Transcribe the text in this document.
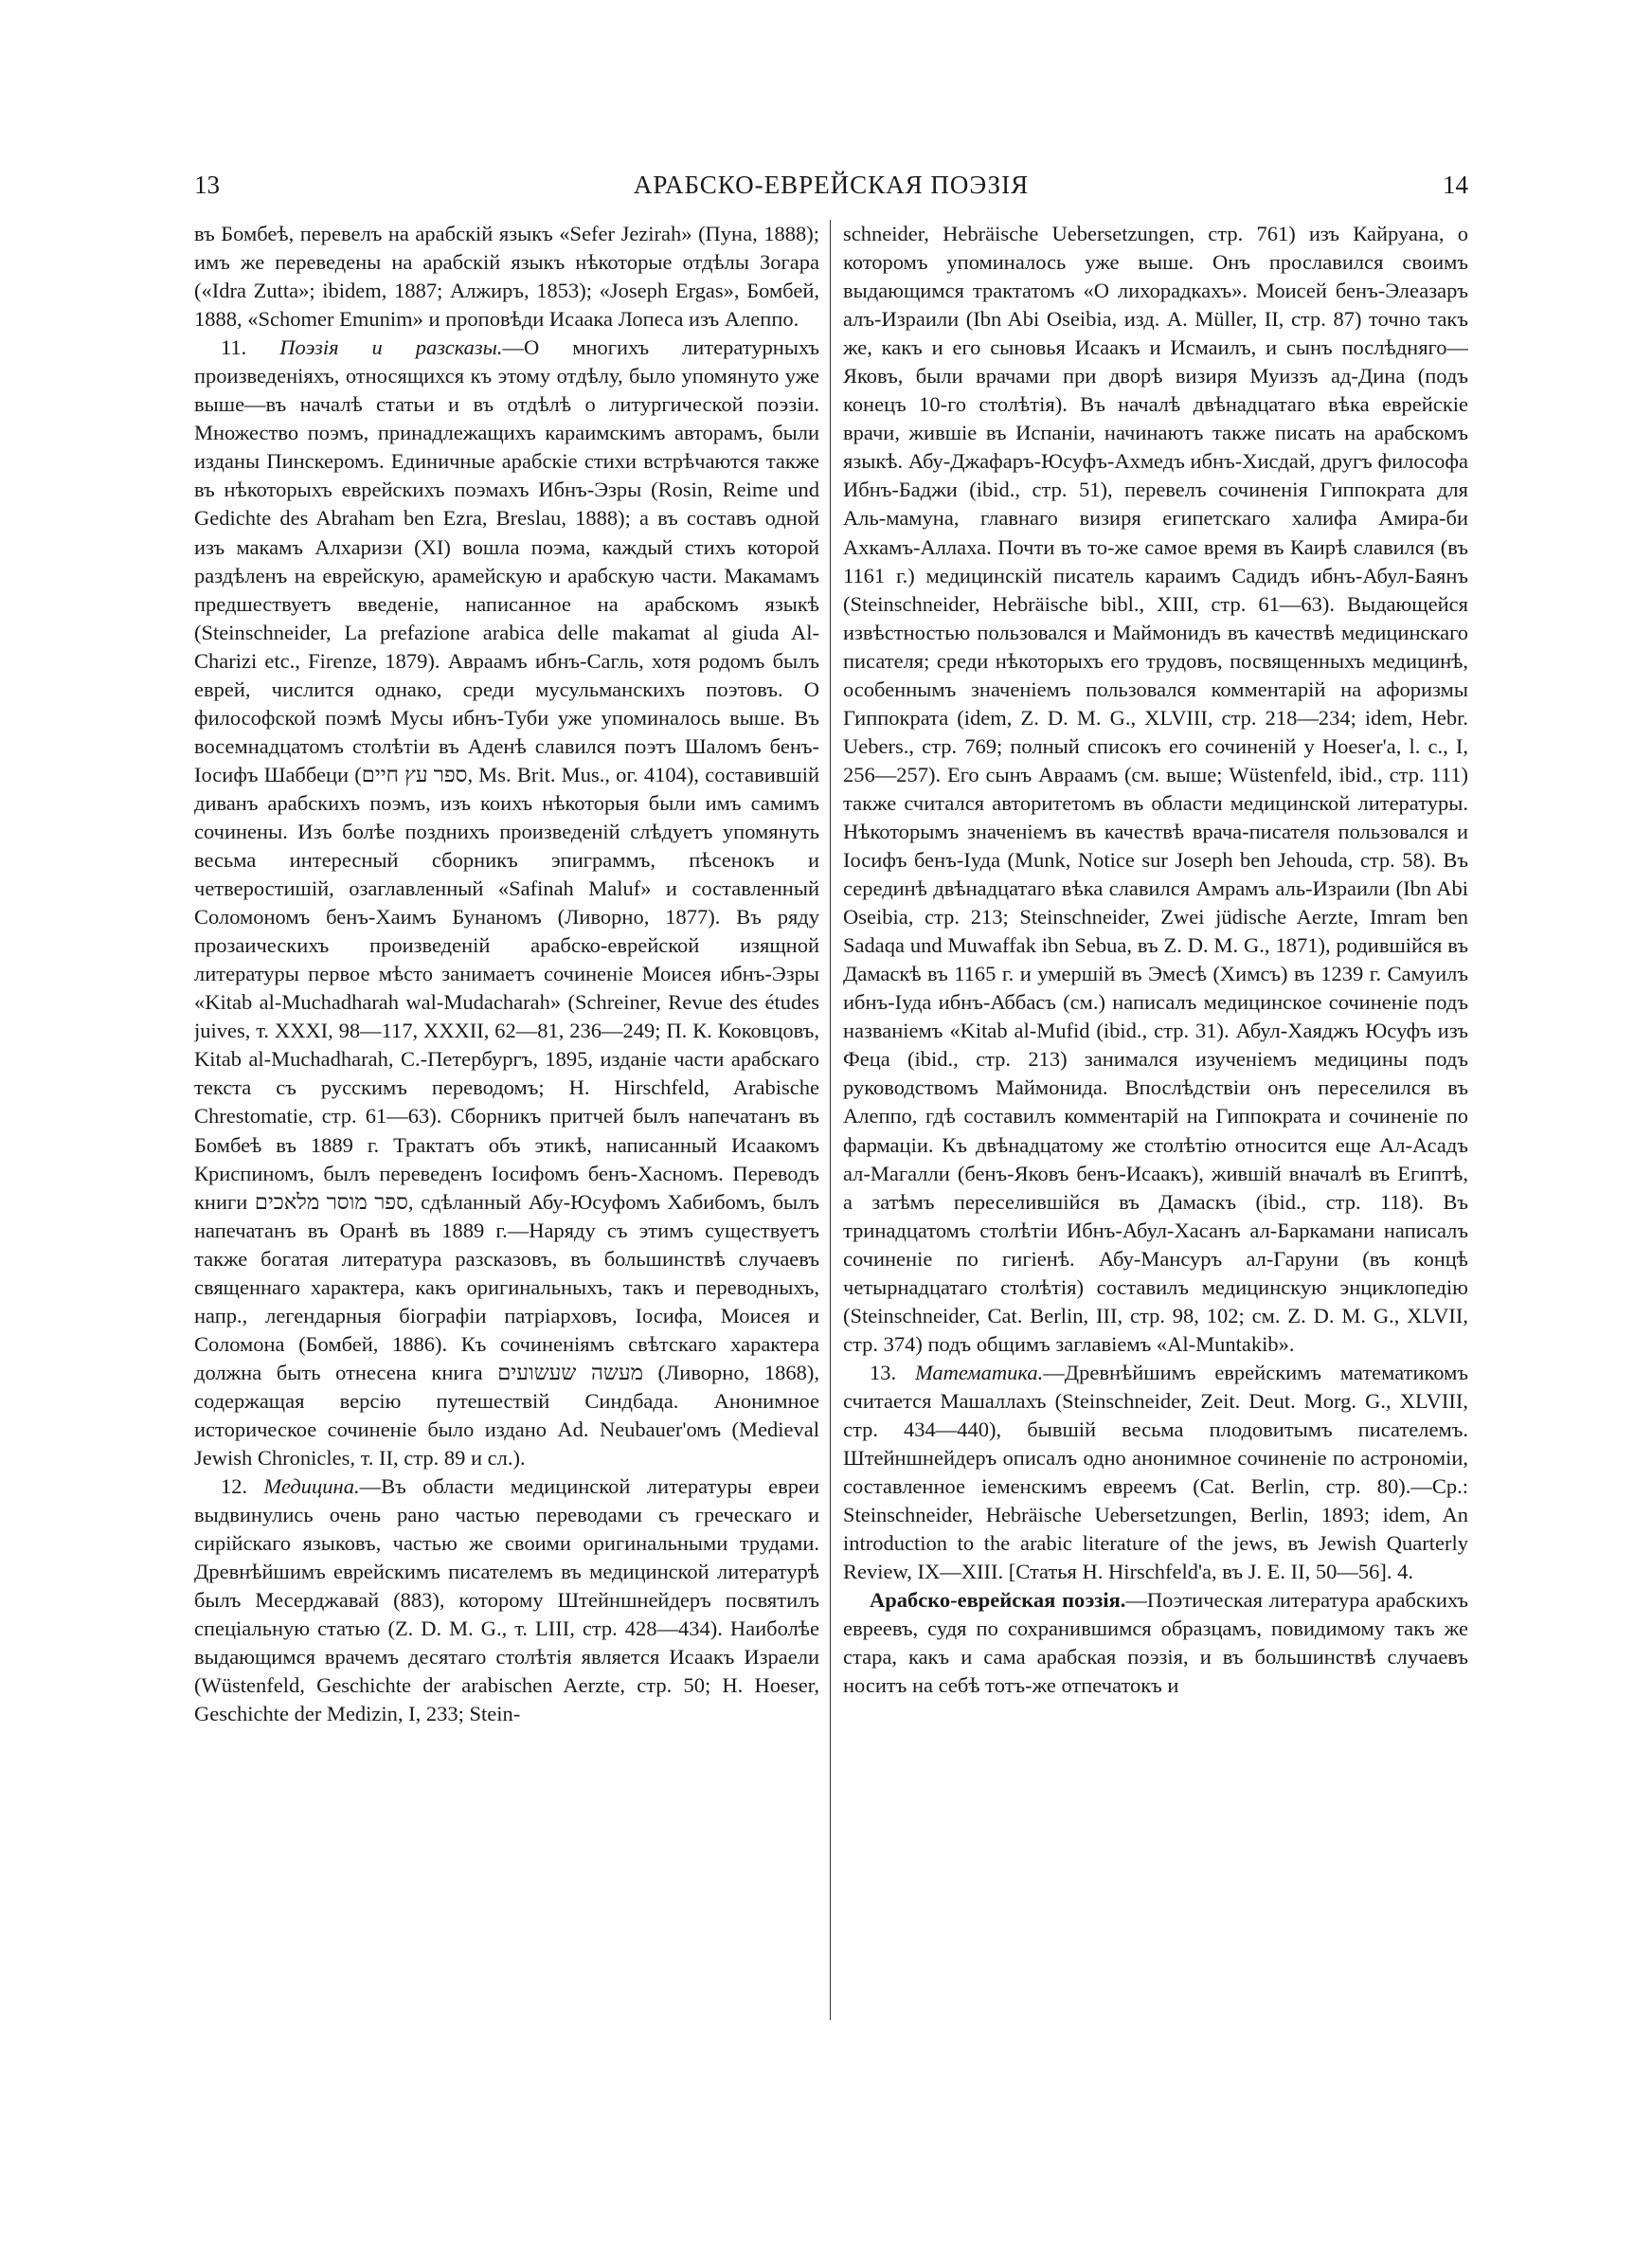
13	АРАБСКО-ЕВРЕЙСКАЯ ПОЭЗІЯ	14

въ Бомбеѣ, перевелъ на арабскій языкъ «Sefer Jezirah» (Пуна, 1888); имъ же переведены на арабскій языкъ нѣкоторые отдѣлы Зогара («Idra Zutta»; ibidem, 1887; Алжиръ, 1853); «Joseph Ergas», Бомбей, 1888, «Schomer Emunim» и проповѣди Исаака Лопеса изъ Алеппо.

11. Поэзія и разсказы.—О многихъ литературныхъ произведеніяхъ, относящихся къ этому отдѣлу, было упомянуто уже выше—въ началѣ статьи и въ отдѣлѣ о литургической поэзіи. Множество поэмъ, принадлежащихъ караимскимъ авторамъ, были изданы Пинскеромъ. Единичные арабскіе стихи встрѣчаются также въ нѣкоторыхъ еврейскихъ поэмахъ Ибнъ-Эзры (Rosin, Reime und Gedichte des Abraham ben Ezra, Breslau, 1888); а въ составъ одной изъ макамъ Алхаризи (XI) вошла поэма, каждый стихъ которой раздѣленъ на еврейскую, арамейскую и арабскую части. Макамамъ предшествуетъ введеніе, написанное на арабскомъ языкѣ (Steinschneider, La prefazione arabica delle makamat al giuda Al-Charizi etc., Firenze, 1879). Авраамъ ибнъ-Сагль, хотя родомъ былъ еврей, числится однако, среди мусульманскихъ поэтовъ. О философской поэмѣ Мусы ибнъ-Туби уже упоминалось выше. Въ восемнадцатомъ столѣтіи въ Аденѣ славился поэтъ Шаломъ бенъ-Іосифъ Шаббеци (ספר עץ חיים, Ms. Brit. Mus., ог. 4104), составившій диванъ арабскихъ поэмъ, изъ коихъ нѣкоторыя были имъ самимъ сочинены. Изъ болѣе позднихъ произведеній слѣдуетъ упомянуть весьма интересный сборникъ эпиграммъ, пѣсенокъ и четверостишій, озаглавленный «Safinah Maluf» и составленный Соломономъ бенъ-Хаимъ Бунаномъ (Ливорно, 1877). Въ ряду прозаическихъ произведеній арабско-еврейской изящной литературы первое мѣсто занимаетъ сочиненіе Моисея ибнъ-Эзры «Kitab al-Muchadharah wal-Mudacharah» (Schreiner, Revue des études juives, т. XXXI, 98—117, XXXII, 62—81, 236—249; П. К. Коковцовъ, Kitab al-Muchadharah, С.-Петербургъ, 1895, изданіе части арабскаго текста съ русскимъ переводомъ; H. Hirschfeld, Arabische Chrestomatie, стр. 61—63). Сборникъ притчей былъ напечатанъ въ Бомбеѣ въ 1889 г. Трактатъ объ этикѣ, написанный Исаакомъ Криспиномъ, былъ переведенъ Іосифомъ бенъ-Хасномъ. Переводъ книги ספר מוסר מלאכים, сдѣланный Абу-Юсуфомъ Хабибомъ, былъ напечатанъ въ Оранѣ въ 1889 г.—Наряду съ этимъ существуетъ также богатая литература разсказовъ, въ большинствѣ случаевъ священнаго характера, какъ оригинальныхъ, такъ и переводныхъ, напр., легендарныя біографіи патріарховъ, Іосифа, Моисея и Соломона (Бомбей, 1886). Къ сочиненіямъ свѣтскаго характера должна быть отнесена книга מעשה שעשועים (Ливорно, 1868), содержащая версію путешествій Синдбада. Анонимное историческое сочиненіе было издано Ad. Neubauer'омъ (Medieval Jewish Chronicles, т. II, стр. 89 и сл.).

12. Медицина.—Въ области медицинской литературы евреи выдвинулись очень рано частью переводами съ греческаго и сирійскаго языковъ, частью же своими оригинальными трудами. Древнѣйшимъ еврейскимъ писателемъ въ медицинской литературѣ былъ Месерджавай (883), которому Штейншнейдеръ посвятилъ спеціальную статью (Z. D. M. G., т. LIII, стр. 428—434). Наиболѣе выдающимся врачемъ десятаго столѣтія является Исаакъ Израели (Wüstenfeld, Geschichte der arabischen Aerzte, стр. 50; H. Hoeser, Geschichte der Medizin, I, 233; Stein-

schneider, Hebräische Uebersetzungen, стр. 761) изъ Кайруана, о которомъ упоминалось уже выше. Онъ прославился своимъ выдающимся трактатомъ «О лихорадкахъ». Моисей бенъ-Элеазаръ алъ-Израили (Ibn Abi Oseibia, изд. A. Müller, II, стр. 87) точно такъ же, какъ и его сыновья Исаакъ и Исмаилъ, и сынъ послѣдняго—Яковъ, были врачами при дворѣ визиря Муиззъ ад-Дина (подъ конецъ 10-го столѣтія). Въ началѣ двѣнадцатаго вѣка еврейскіе врачи, жившіе въ Испаніи, начинаютъ также писать на арабскомъ языкѣ. Абу-Джафаръ-Юсуфъ-Ахмедъ ибнъ-Хисдай, другъ философа Ибнъ-Баджи (ibid., стр. 51), перевелъ сочиненія Гиппократа для Аль-мамуна, главнаго визиря египетскаго халифа Амира-би Ахкамъ-Аллаха. Почти въ то-же самое время въ Каирѣ славился (въ 1161 г.) медицинскій писатель караимъ Садидъ ибнъ-Абул-Баянъ (Steinschneider, Hebräische bibl., XIII, стр. 61—63). Выдающейся извѣстностью пользовался и Маймонидъ въ качествѣ медицинскаго писателя; среди нѣкоторыхъ его трудовъ, посвященныхъ медицинѣ, особеннымъ значеніемъ пользовался комментарій на афоризмы Гиппократа (idem, Z. D. M. G., XLVIII, стр. 218—234; idem, Hebr. Uebers., стр. 769; полный списокъ его сочиненій у Hoeser'a, l. c., I, 256—257). Его сынъ Авраамъ (см. выше; Wüstenfeld, ibid., стр. 111) также считался авторитетомъ въ области медицинской литературы. Нѣкоторымъ значеніемъ въ качествѣ врача-писателя пользовался и Іосифъ бенъ-Іуда (Munk, Notice sur Joseph ben Jehouda, стр. 58). Въ серединѣ двѣнадцатаго вѣка славился Амрамъ аль-Израили (Ibn Abi Oseibia, стр. 213; Steinschneider, Zwei jüdische Aerzte, Imram ben Sadaqa und Muwaffak ibn Sebua, въ Z. D. M. G., 1871), родившійся въ Дамаскѣ въ 1165 г. и умершій въ Эмесѣ (Химсъ) въ 1239 г. Самуилъ ибнъ-Іуда ибнъ-Аббасъ (см.) написалъ медицинское сочиненіе подъ названіемъ «Kitab al-Mufid (ibid., стр. 31). Абул-Хаяджъ Юсуфъ изъ Феца (ibid., стр. 213) занимался изученіемъ медицины подъ руководствомъ Маймонида. Впослѣдствіи онъ переселился въ Алеппо, гдѣ составилъ комментарій на Гиппократа и сочиненіе по фармаціи. Къ двѣнадцатому же столѣтію относится еще Ал-Асадъ ал-Магалли (бенъ-Яковъ бенъ-Исаакъ), жившій вначалѣ въ Египтѣ, а затѣмъ переселившійся въ Дамаскъ (ibid., стр. 118). Въ тринадцатомъ столѣтіи Ибнъ-Абул-Хасанъ ал-Баркамани написалъ сочиненіе по гигіенѣ. Абу-Мансуръ ал-Гаруни (въ концѣ четырнадцатаго столѣтія) составилъ медицинскую энциклопедію (Steinschneider, Cat. Berlin, III, стр. 98, 102; см. Z. D. M. G., XLVII, стр. 374) подъ общимъ заглавіемъ «Al-Muntakib».

13. Математика.—Древнѣйшимъ еврейскимъ математикомъ считается Машаллахъ (Steinschneider, Zeit. Deut. Morg. G., XLVIII, стр. 434—440), бывшій весьма плодовитымъ писателемъ. Штейншнейдеръ описалъ одно анонимное сочиненіе по астрономіи, составленное іеменскимъ евреемъ (Cat. Berlin, стр. 80).—Ср.: Steinschneider, Hebräische Uebersetzungen, Berlin, 1893; idem, An introduction to the arabic literature of the jews, въ Jewish Quarterly Review, IX—XIII. [Статья H. Hirschfeld'a, въ J. E. II, 50—56]. 4.

Арабско-еврейская поэзія.—Поэтическая литература арабскихъ евреевъ, судя по сохранившимся образцамъ, повидимому такъ же стара, какъ и сама арабская поэзія, и въ большинствѣ случаевъ носитъ на себѣ тотъ-же отпечатокъ и
